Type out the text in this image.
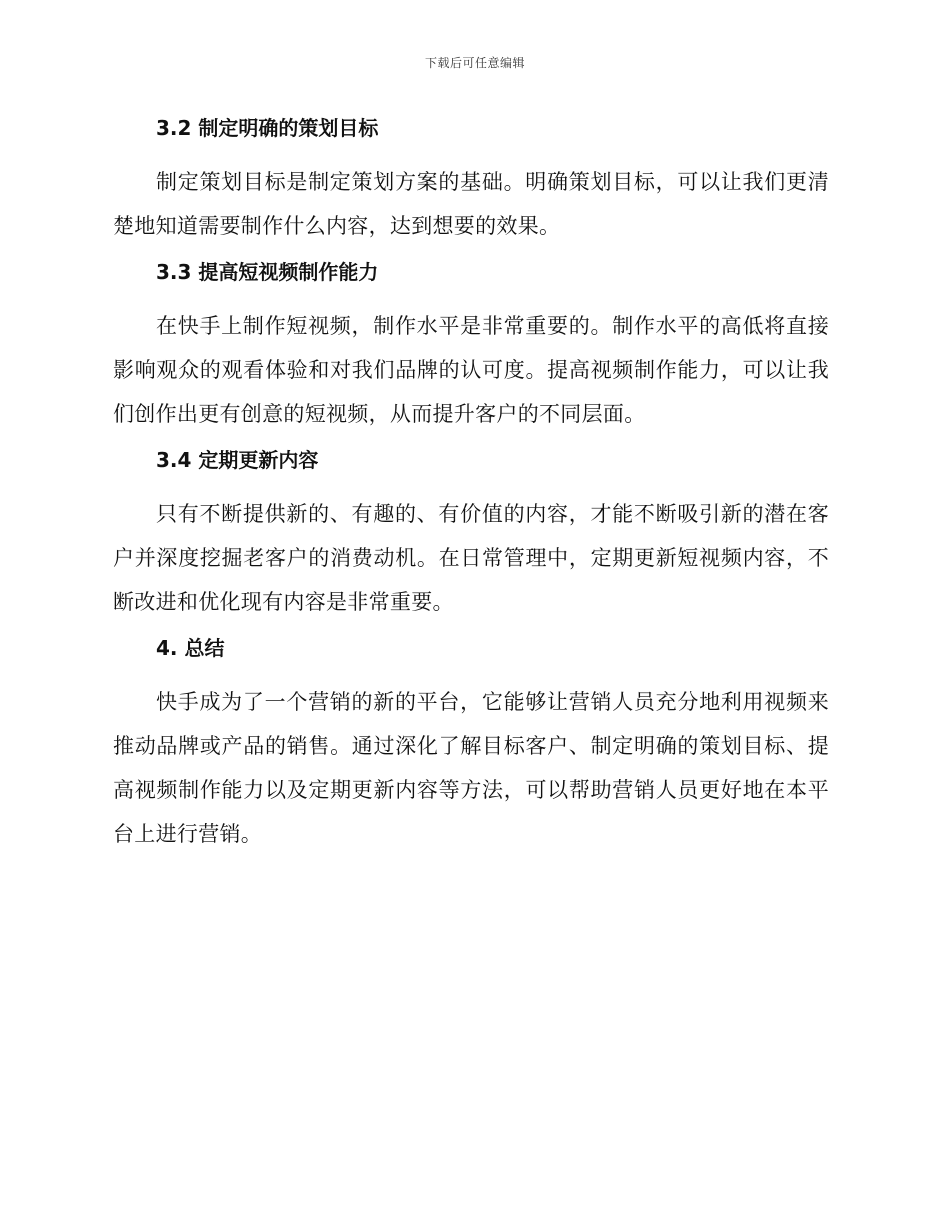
下载后可任意编辑
3.2 制定明确的策划目标

制定策划目标是制定策划方案的基础。明确策划目标，可以让我们更清楚地知道需要制作什么内容，达到想要的效果。

3.3 提高短视频制作能力

在快手上制作短视频，制作水平是非常重要的。制作水平的高低将直接影响观众的观看体验和对我们品牌的认可度。提高视频制作能力，可以让我们创作出更有创意的短视频，从而提升客户的不同层面。

3.4 定期更新内容

只有不断提供新的、有趣的、有价值的内容，才能不断吸引新的潜在客户并深度挖掘老客户的消费动机。在日常管理中，定期更新短视频内容，不断改进和优化现有内容是非常重要。

4. 总结

快手成为了一个营销的新的平台，它能够让营销人员充分地利用视频来推动品牌或产品的销售。通过深化了解目标客户、制定明确的策划目标、提高视频制作能力以及定期更新内容等方法，可以帮助营销人员更好地在本平台上进行营销。
